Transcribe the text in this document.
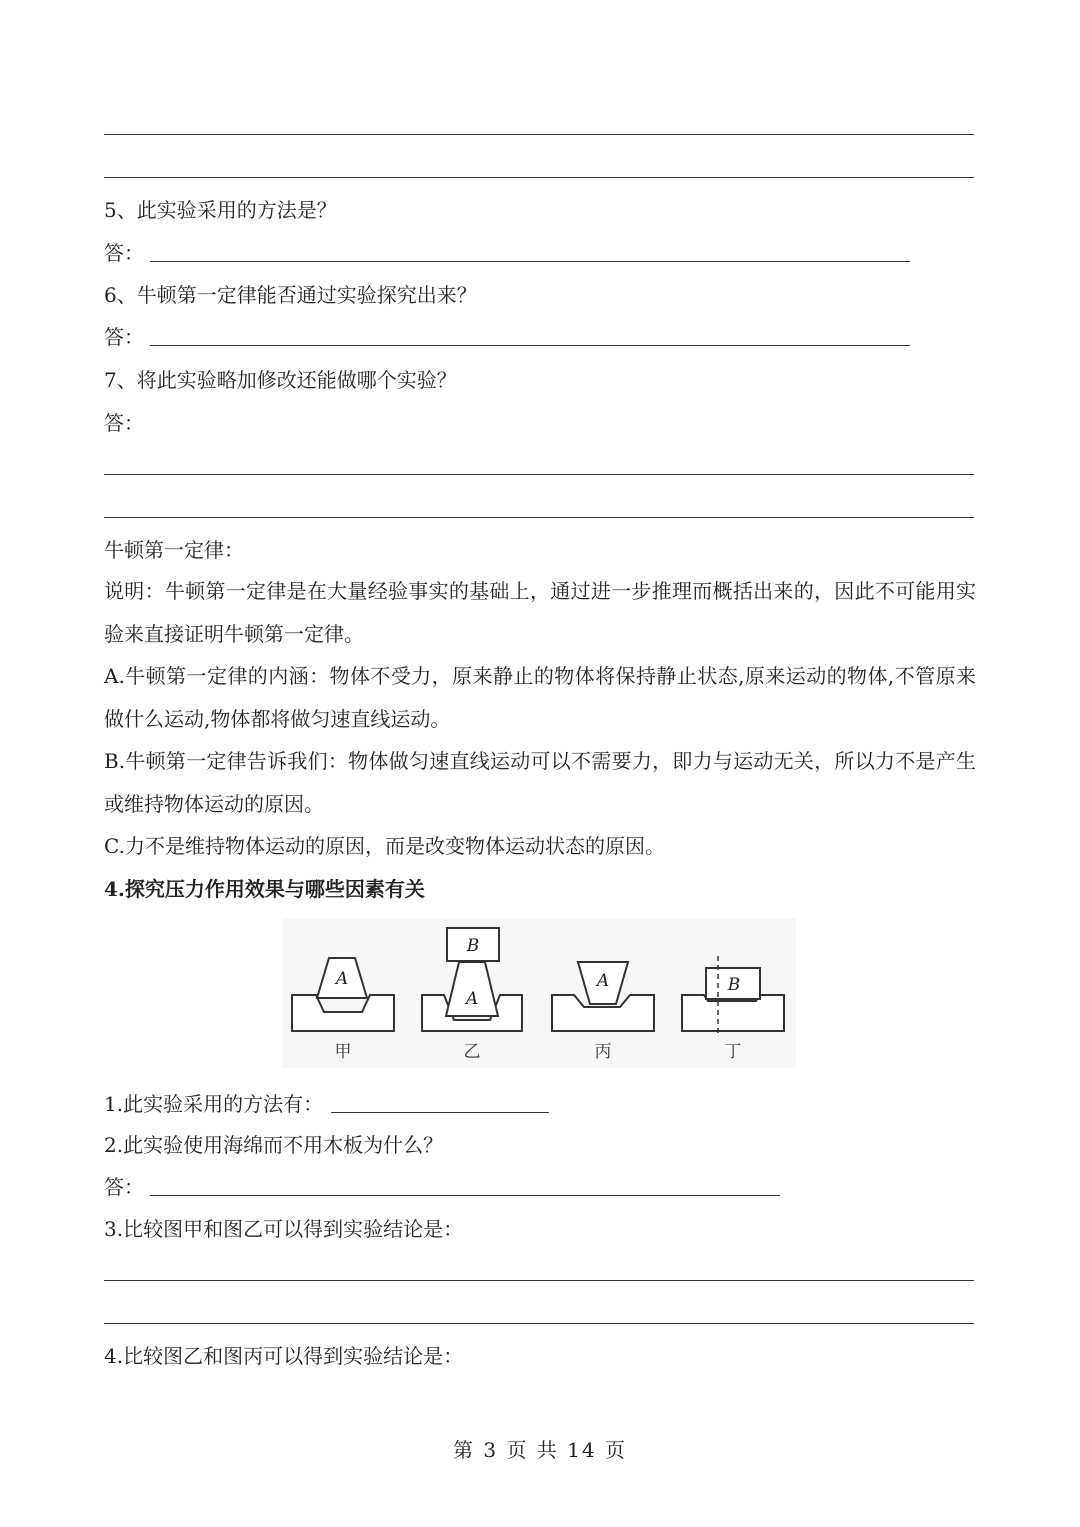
5、此实验采用的方法是？
答：
6、牛顿第一定律能否通过实验探究出来？
答：
7、将此实验略加修改还能做哪个实验？
答：
牛顿第一定律：
说明：牛顿第一定律是在大量经验事实的基础上，通过进一步推理而概括出来的，因此不可能用实验来直接证明牛顿第一定律。
A.牛顿第一定律的内涵：物体不受力，原来静止的物体将保持静止状态,原来运动的物体,不管原来做什么运动,物体都将做匀速直线运动。
B.牛顿第一定律告诉我们：物体做匀速直线运动可以不需要力，即力与运动无关，所以力不是产生或维持物体运动的原因。
C.力不是维持物体运动的原因，而是改变物体运动状态的原因。
4.探究压力作用效果与哪些因素有关
A
A
B
A	B
甲	乙	丙	丁
1.此实验采用的方法有：
2.此实验使用海绵而不用木板为什么？
答：
3.比较图甲和图乙可以得到实验结论是：
4.比较图乙和图丙可以得到实验结论是：
第 3 页 共 14 页
